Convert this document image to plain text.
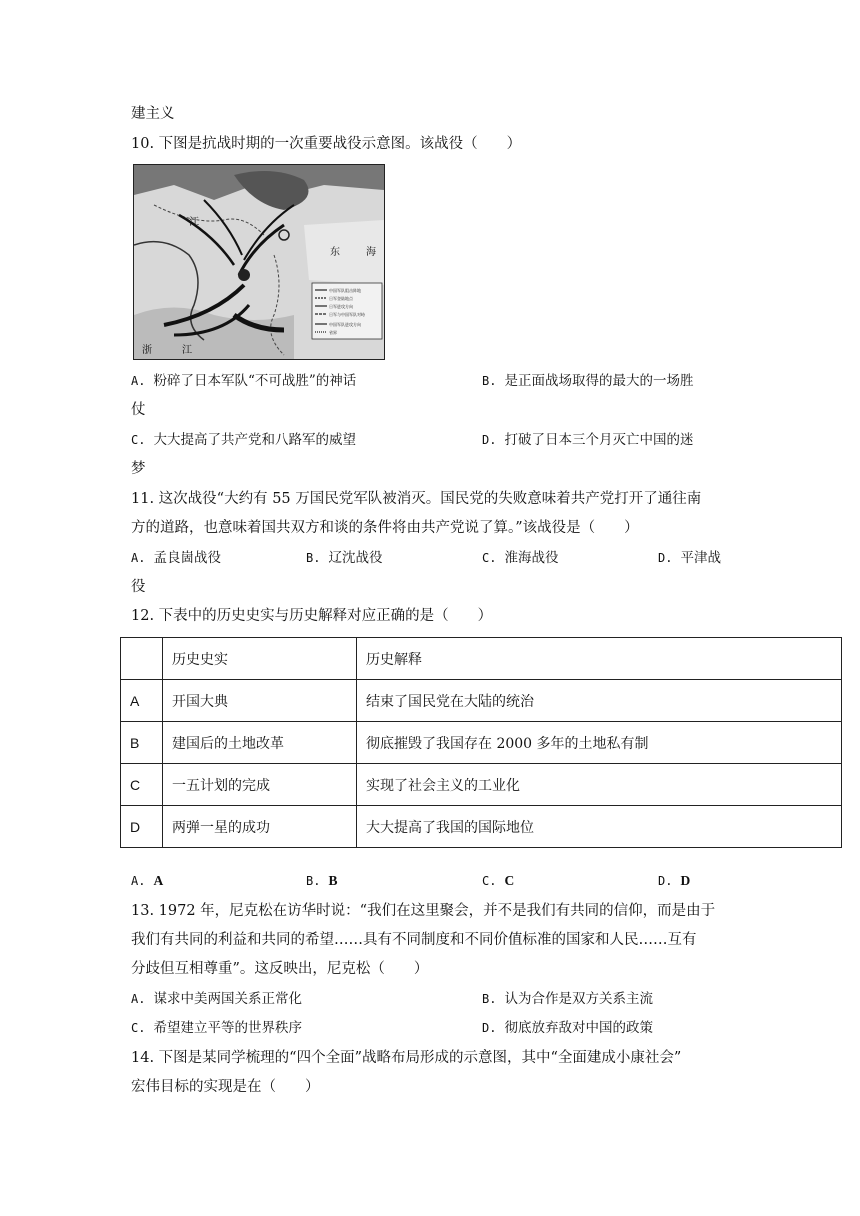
建主义
10. 下图是抗战时期的一次重要战役示意图。该战役（　　）
中国军队阻击阵地
日军登陆地点
日军进攻方向
日军与中国军队对峙
中国军队进攻方向
省界
江
浙	江
东	海
A. 粉碎了日本军队“不可战胜”的神话	B. 是正面战场取得的最大的一场胜
仗
C. 大大提高了共产党和八路军的威望	D. 打破了日本三个月灭亡中国的迷
梦
11. 这次战役“大约有 55 万国民党军队被消灭。国民党的失败意味着共产党打开了通往南
方的道路，也意味着国共双方和谈的条件将由共产党说了算。”该战役是（　　）
A. 孟良崮战役	B. 辽沈战役	C. 淮海战役	D. 平津战
役
12. 下表中的历史史实与历史解释对应正确的是（　　）
	历史史实	历史解释
A	开国大典	结束了国民党在大陆的统治
B	建国后的土地改革	彻底摧毁了我国存在 2000 多年的土地私有制
C	一五计划的完成	实现了社会主义的工业化
D	两弹一星的成功	大大提高了我国的国际地位
A. A	B. B	C. C	D. D
13. 1972 年，尼克松在访华时说：“我们在这里聚会，并不是我们有共同的信仰，而是由于
我们有共同的利益和共同的希望……具有不同制度和不同价值标准的国家和人民……互有
分歧但互相尊重”。这反映出，尼克松（　　）
A. 谋求中美两国关系正常化	B. 认为合作是双方关系主流
C. 希望建立平等的世界秩序	D. 彻底放弃敌对中国的政策
14. 下图是某同学梳理的“四个全面”战略布局形成的示意图，其中“全面建成小康社会”
宏伟目标的实现是在（　　）
